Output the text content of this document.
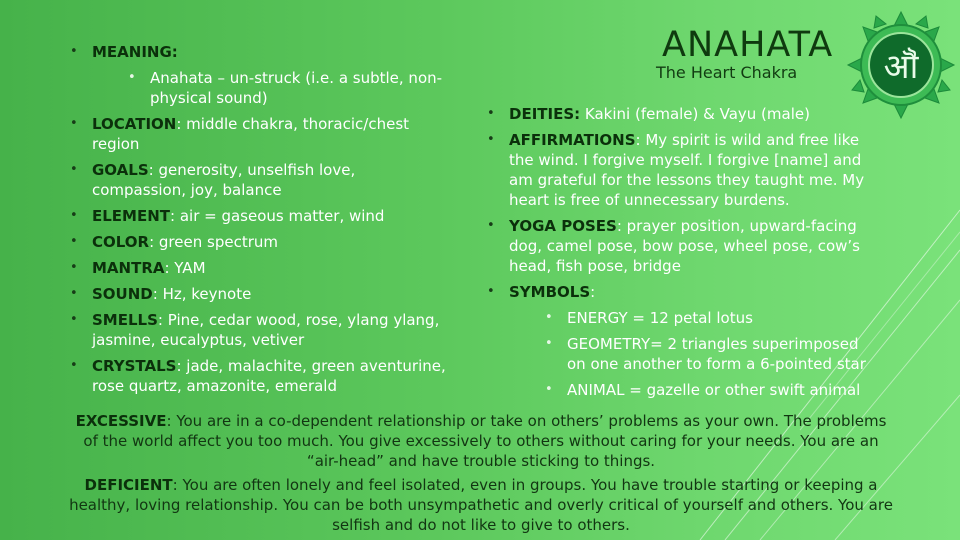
ANAHATA
The Heart Chakra	ॵ
• MEANING:
• Anahata – un-struck (i.e. a subtle, non-physical sound)
• LOCATION: middle chakra, thoracic/chest region
• GOALS: generosity, unselfish love, compassion, joy, balance
• ELEMENT: air = gaseous matter, wind
• COLOR: green spectrum
• MANTRA: YAM
• SOUND: Hz, keynote
• SMELLS: Pine, cedar wood, rose, ylang ylang, jasmine, eucalyptus, vetiver
• CRYSTALS: jade, malachite, green aventurine, rose quartz, amazonite, emerald
• DEITIES: Kakini (female) & Vayu (male)
• AFFIRMATIONS: My spirit is wild and free like the wind. I forgive myself. I forgive [name] and am grateful for the lessons they taught me. My heart is free of unnecessary burdens.
• YOGA POSES: prayer position, upward-facing dog, camel pose, bow pose, wheel pose, cow’s head, fish pose, bridge
• SYMBOLS:
• ENERGY = 12 petal lotus
• GEOMETRY= 2 triangles superimposed on one another to form a 6-pointed star
• ANIMAL = gazelle or other swift animal

EXCESSIVE: You are in a co-dependent relationship or take on others’ problems as your own. The problems of the world affect you too much. You give excessively to others without caring for your needs. You are an “air-head” and have trouble sticking to things.

DEFICIENT: You are often lonely and feel isolated, even in groups. You have trouble starting or keeping a healthy, loving relationship. You can be both unsympathetic and overly critical of yourself and others. You are selfish and do not like to give to others.
